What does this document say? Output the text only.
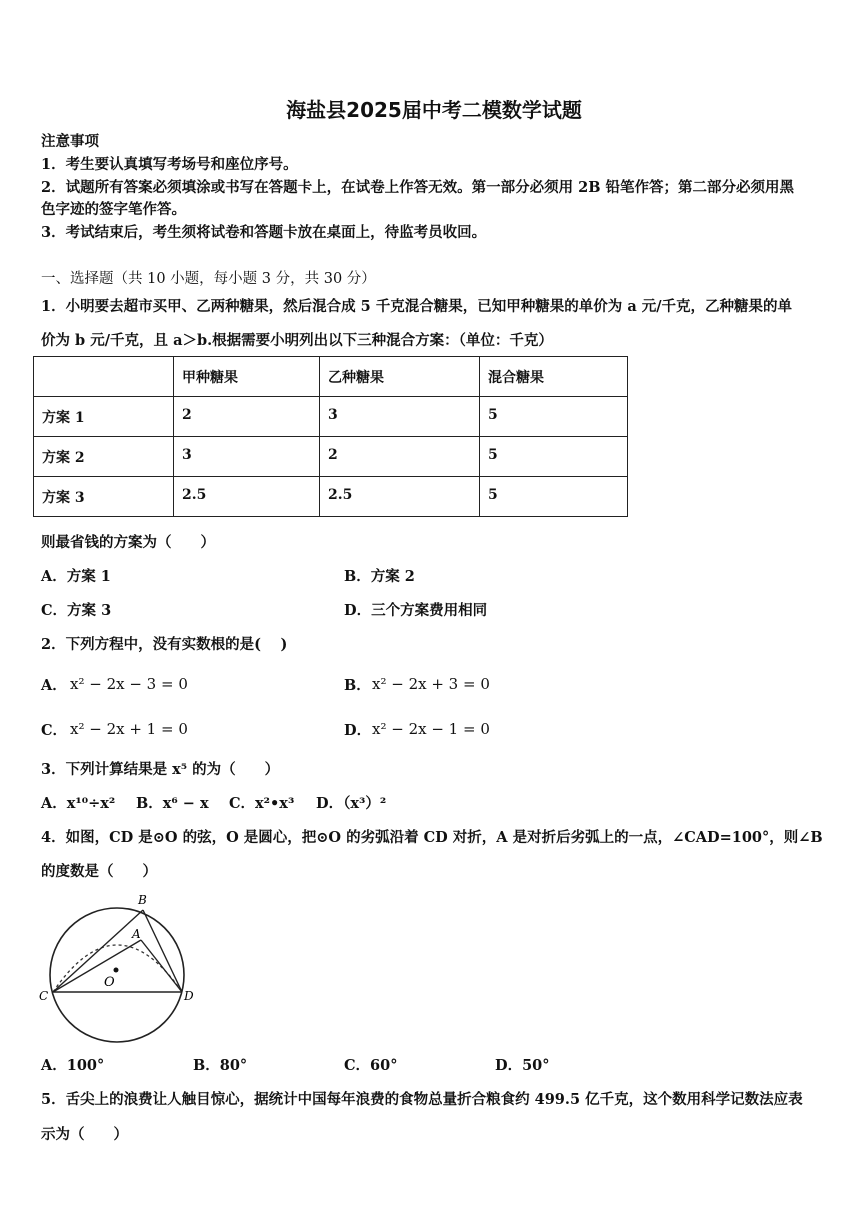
海盐县2025届中考二模数学试题
注意事项
1．考生要认真填写考场号和座位序号。
2．试题所有答案必须填涂或书写在答题卡上，在试卷上作答无效。第一部分必须用 2B 铅笔作答；第二部分必须用黑
色字迹的签字笔作答。
3．考试结束后，考生须将试卷和答题卡放在桌面上，待监考员收回。
一、选择题（共 10 小题，每小题 3 分，共 30 分）
1．小明要去超市买甲、乙两种糖果，然后混合成 5 千克混合糖果，已知甲种糖果的单价为 a 元/千克，乙种糖果的单
价为 b 元/千克，且 a＞b.根据需要小明列出以下三种混合方案：（单位：千克）
	甲种糖果	乙种糖果	混合糖果
方案 1	2	3	5
方案 2	3	2	5
方案 3	2.5	2.5	5
则最省钱的方案为（　　）
A．方案 1	B．方案 2
C．方案 3	D．三个方案费用相同
2．下列方程中，没有实数根的是(　 )
A． x² − 2x − 3 = 0	B． x² − 2x + 3 = 0
C． x² − 2x + 1 = 0	D． x² − 2x − 1 = 0
3．下列计算结果是 x⁵ 的为（　　）
A．x¹⁰÷x² B．x⁶ − x C．x²•x³ D．（x³）²
4．如图，CD 是⊙O 的弦，O 是圆心，把⊙O 的劣弧沿着 CD 对折，A 是对折后劣弧上的一点，∠CAD=100°，则∠B
的度数是（　　）
B
A
C	D
O
A．100°	B．80°	C．60°	D．50°
5．舌尖上的浪费让人触目惊心，据统计中国每年浪费的食物总量折合粮食约 499.5 亿千克，这个数用科学记数法应表
示为（　　）
